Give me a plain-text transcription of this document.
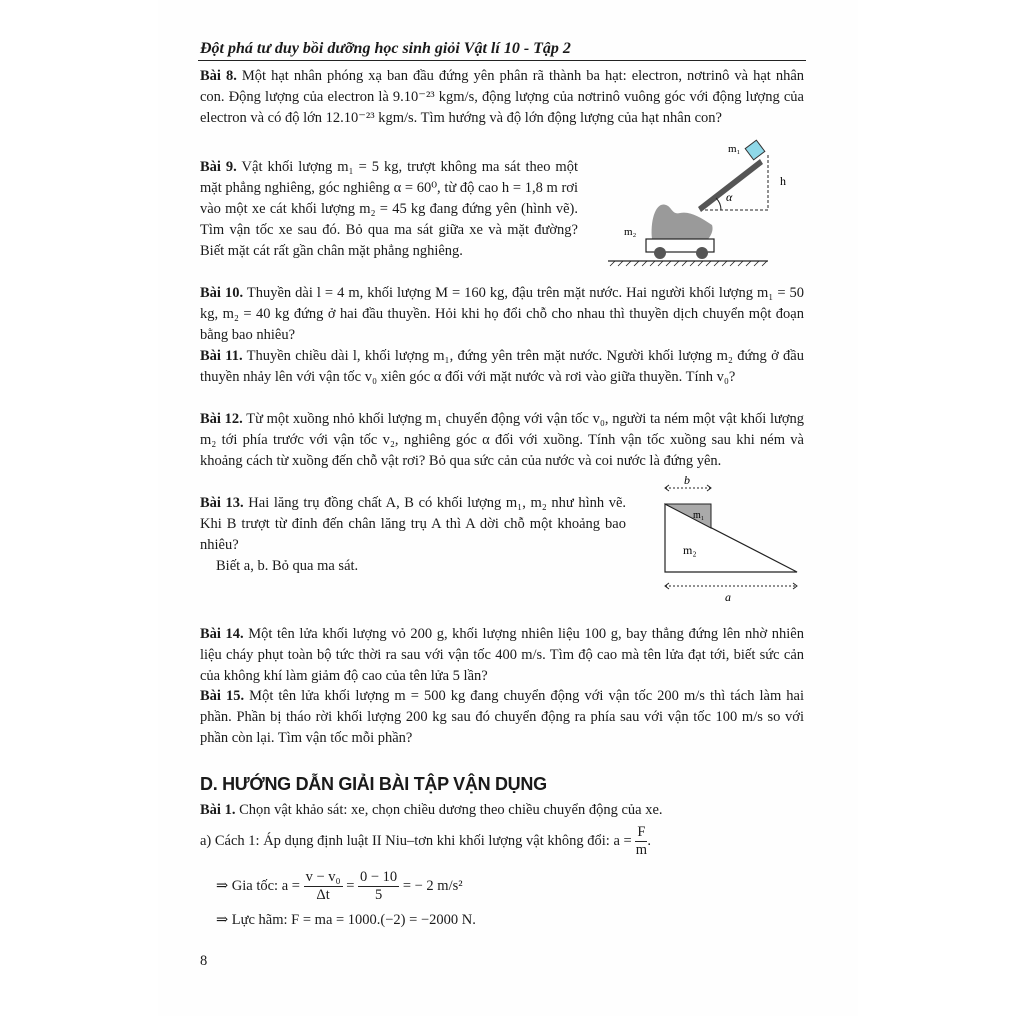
Đột phá tư duy bồi dưỡng học sinh giỏi Vật lí 10 - Tập 2
Bài 8. Một hạt nhân phóng xạ ban đầu đứng yên phân rã thành ba hạt: electron, nơtrinô và hạt nhân con. Động lượng của electron là 9.10⁻²³ kgm/s, động lượng của nơtrinô vuông góc với động lượng của electron và có độ lớn 12.10⁻²³ kgm/s. Tìm hướng và độ lớn động lượng của hạt nhân con?
Bài 9. Vật khối lượng m₁ = 5 kg, trượt không ma sát theo một mặt phẳng nghiêng, góc nghiêng α = 60⁰, từ độ cao h = 1,8 m rơi vào một xe cát khối lượng m₂ = 45 kg đang đứng yên (hình vẽ). Tìm vận tốc xe sau đó. Bỏ qua ma sát giữa xe và mặt đường? Biết mặt cát rất gần chân mặt phẳng nghiêng.
m₁
h
α
m₂
Bài 10. Thuyền dài l = 4 m, khối lượng M = 160 kg, đậu trên mặt nước. Hai người khối lượng m₁ = 50 kg, m₂ = 40 kg đứng ở hai đầu thuyền. Hỏi khi họ đổi chỗ cho nhau thì thuyền dịch chuyển một đoạn bằng bao nhiêu?
Bài 11. Thuyền chiều dài l, khối lượng m₁, đứng yên trên mặt nước. Người khối lượng m₂ đứng ở đầu thuyền nhảy lên với vận tốc v₀ xiên góc α đối với mặt nước và rơi vào giữa thuyền. Tính v₀?
Bài 12. Từ một xuồng nhỏ khối lượng m₁ chuyển động với vận tốc v₀, người ta ném một vật khối lượng m₂ tới phía trước với vận tốc v₂, nghiêng góc α đối với xuồng. Tính vận tốc xuồng sau khi ném và khoảng cách từ xuồng đến chỗ vật rơi? Bỏ qua sức cản của nước và coi nước là đứng yên.
Bài 13. Hai lăng trụ đồng chất A, B có khối lượng m₁, m₂ như hình vẽ. Khi B trượt từ đỉnh đến chân lăng trụ A thì A dời chỗ một khoảng bao nhiêu?
Biết a, b. Bỏ qua ma sát.
b
m₁
m₂
a
Bài 14. Một tên lửa khối lượng vỏ 200 g, khối lượng nhiên liệu 100 g, bay thẳng đứng lên nhờ nhiên liệu cháy phụt toàn bộ tức thời ra sau với vận tốc 400 m/s. Tìm độ cao mà tên lửa đạt tới, biết sức cản của không khí làm giảm độ cao của tên lửa 5 lần?
Bài 15. Một tên lửa khối lượng m = 500 kg đang chuyển động với vận tốc 200 m/s thì tách làm hai phần. Phần bị tháo rời khối lượng 200 kg sau đó chuyển động ra phía sau với vận tốc 100 m/s so với phần còn lại. Tìm vận tốc mỗi phần?
D. HƯỚNG DẪN GIẢI BÀI TẬP VẬN DỤNG
Bài 1. Chọn vật khảo sát: xe, chọn chiều dương theo chiều chuyển động của xe.
a) Cách 1: Áp dụng định luật II Niu–tơn khi khối lượng vật không đổi: $a = \frac{F}{m}$ .
⇒ Gia tốc: $a = \frac{\text{v − v₀}}{\Delta t} = \frac{0 - 10}{5}$ = − 2 m/s²
⇒ Lực hãm: F = ma = 1000.(−2) = −2000 N.
8
